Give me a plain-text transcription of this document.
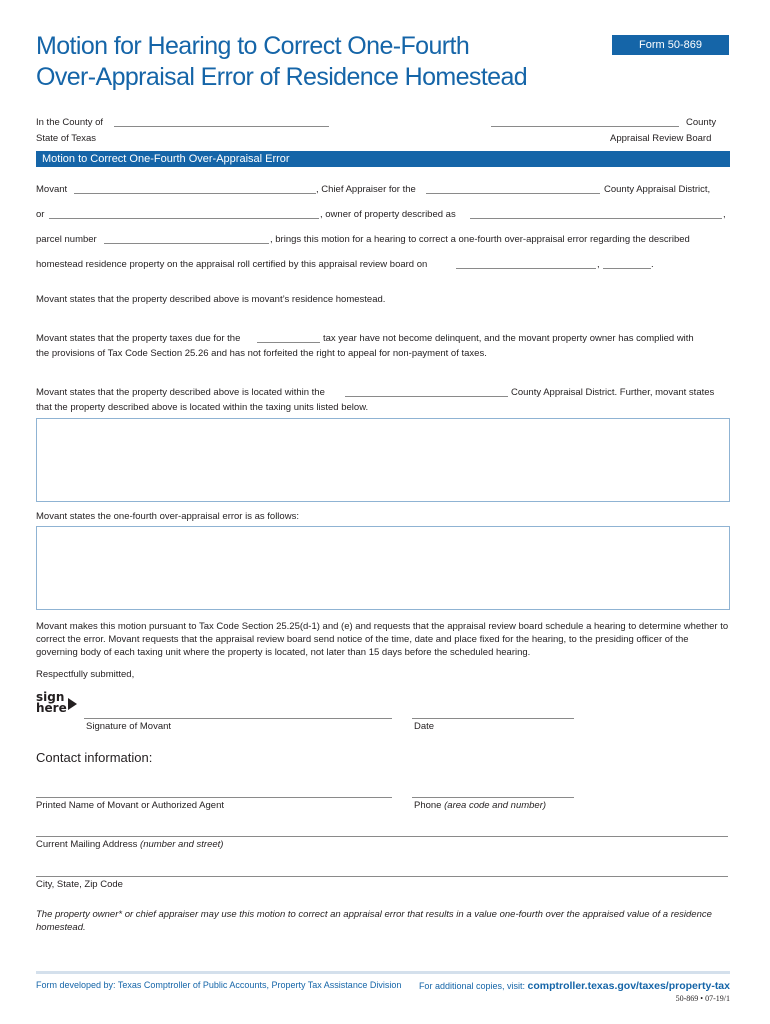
Motion for Hearing to Correct One-Fourth
Over-Appraisal Error of Residence Homestead
Form 50-869
In the County of	County
State of Texas	Appraisal Review Board
Motion to Correct One-Fourth Over-Appraisal Error
Movant	, Chief Appraiser for the	County Appraisal District,
or	, owner of property described as	,
parcel number	, brings this motion for a hearing to correct a one-fourth over-appraisal error regarding the described
homestead residence property on the appraisal roll certified by this appraisal review board on	,	.
Movant states that the property described above is movant’s residence homestead.
Movant states that the property taxes due for the	tax year have not become delinquent, and the movant property owner has complied with
the provisions of Tax Code Section 25.26 and has not forfeited the right to appeal for non-payment of taxes.
Movant states that the property described above is located within the	County Appraisal District. Further, movant states
that the property described above is located within the taxing units listed below.
Movant states the one-fourth over-appraisal error is as follows:
Movant makes this motion pursuant to Tax Code Section 25.25(d-1) and (e) and requests that the appraisal review board schedule a hearing to determine whether to correct the error. Movant requests that the appraisal review board send notice of the time, date and place fixed for the hearing, to the presiding officer of the governing body of each taxing unit where the property is located, not later than 15 days before the scheduled hearing.
Respectfully submitted,
sign
here
Signature of Movant	Date
Contact information:
Printed Name of Movant or Authorized Agent	Phone (area code and number)
Current Mailing Address (number and street)
City, State, Zip Code
The property owner* or chief appraiser may use this motion to correct an appraisal error that results in a value one-fourth over the appraised value of a residence homestead.
Form developed by: Texas Comptroller of Public Accounts, Property Tax Assistance Division	For additional copies, visit: comptroller.texas.gov/taxes/property-tax
50-869 • 07-19/1
